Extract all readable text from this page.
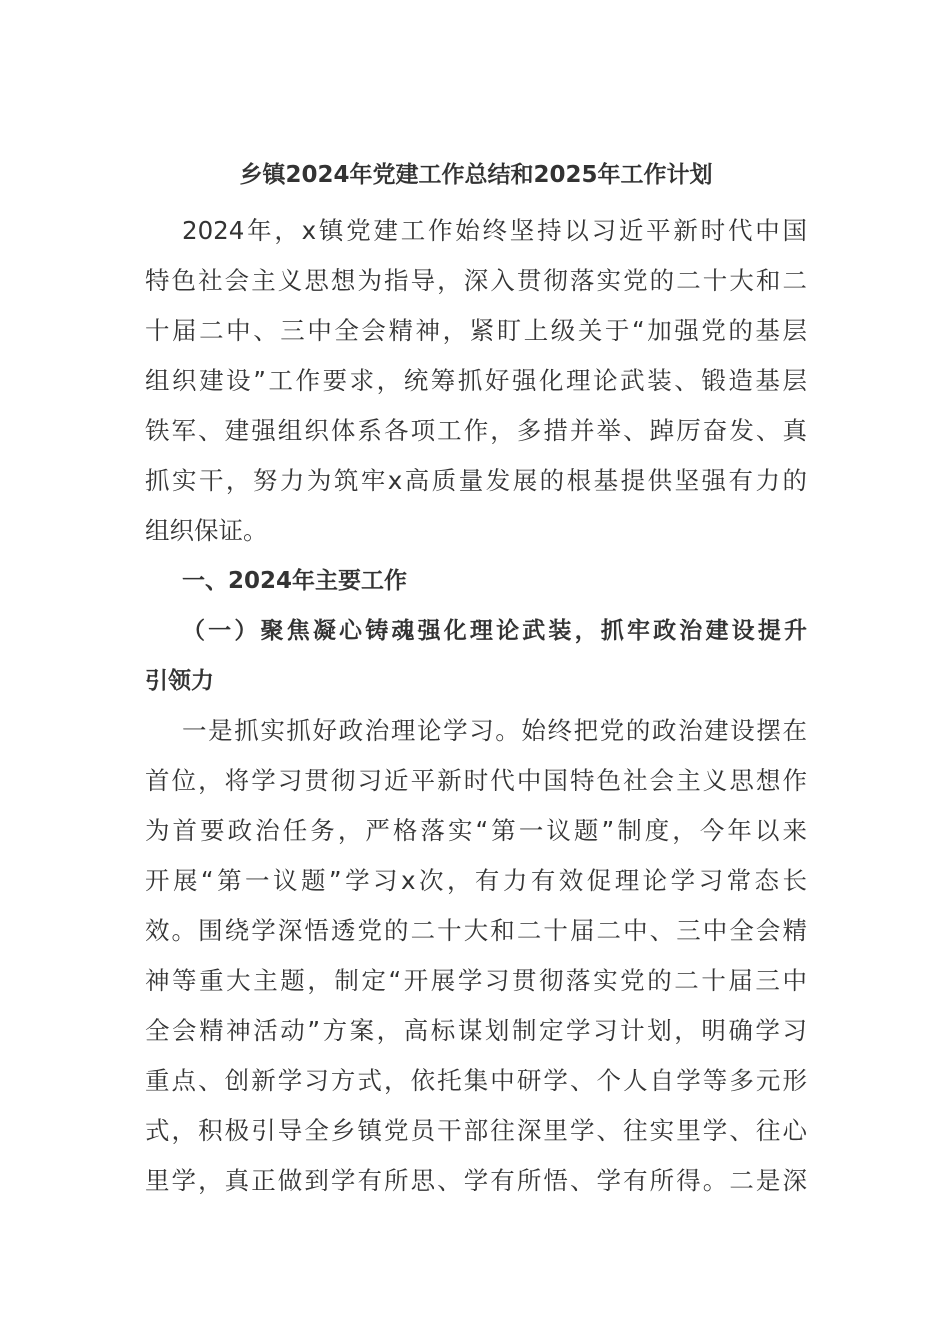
乡镇2024年党建工作总结和2025年工作计划
2024年，x镇党建工作始终坚持以习近平新时代中国
特色社会主义思想为指导，深入贯彻落实党的二十大和二
十届二中、三中全会精神，紧盯上级关于“加强党的基层
组织建设”工作要求，统筹抓好强化理论武装、锻造基层
铁军、建强组织体系各项工作，多措并举、踔厉奋发、真
抓实干，努力为筑牢x高质量发展的根基提供坚强有力的
组织保证。
一、2024年主要工作
（一）聚焦凝心铸魂强化理论武装，抓牢政治建设提升
引领力
一是抓实抓好政治理论学习。始终把党的政治建设摆在
首位，将学习贯彻习近平新时代中国特色社会主义思想作
为首要政治任务，严格落实“第一议题”制度，今年以来
开展“第一议题”学习x次，有力有效促理论学习常态长
效。围绕学深悟透党的二十大和二十届二中、三中全会精
神等重大主题，制定“开展学习贯彻落实党的二十届三中
全会精神活动”方案，高标谋划制定学习计划，明确学习
重点、创新学习方式，依托集中研学、个人自学等多元形
式，积极引导全乡镇党员干部往深里学、往实里学、往心
里学，真正做到学有所思、学有所悟、学有所得。二是深
